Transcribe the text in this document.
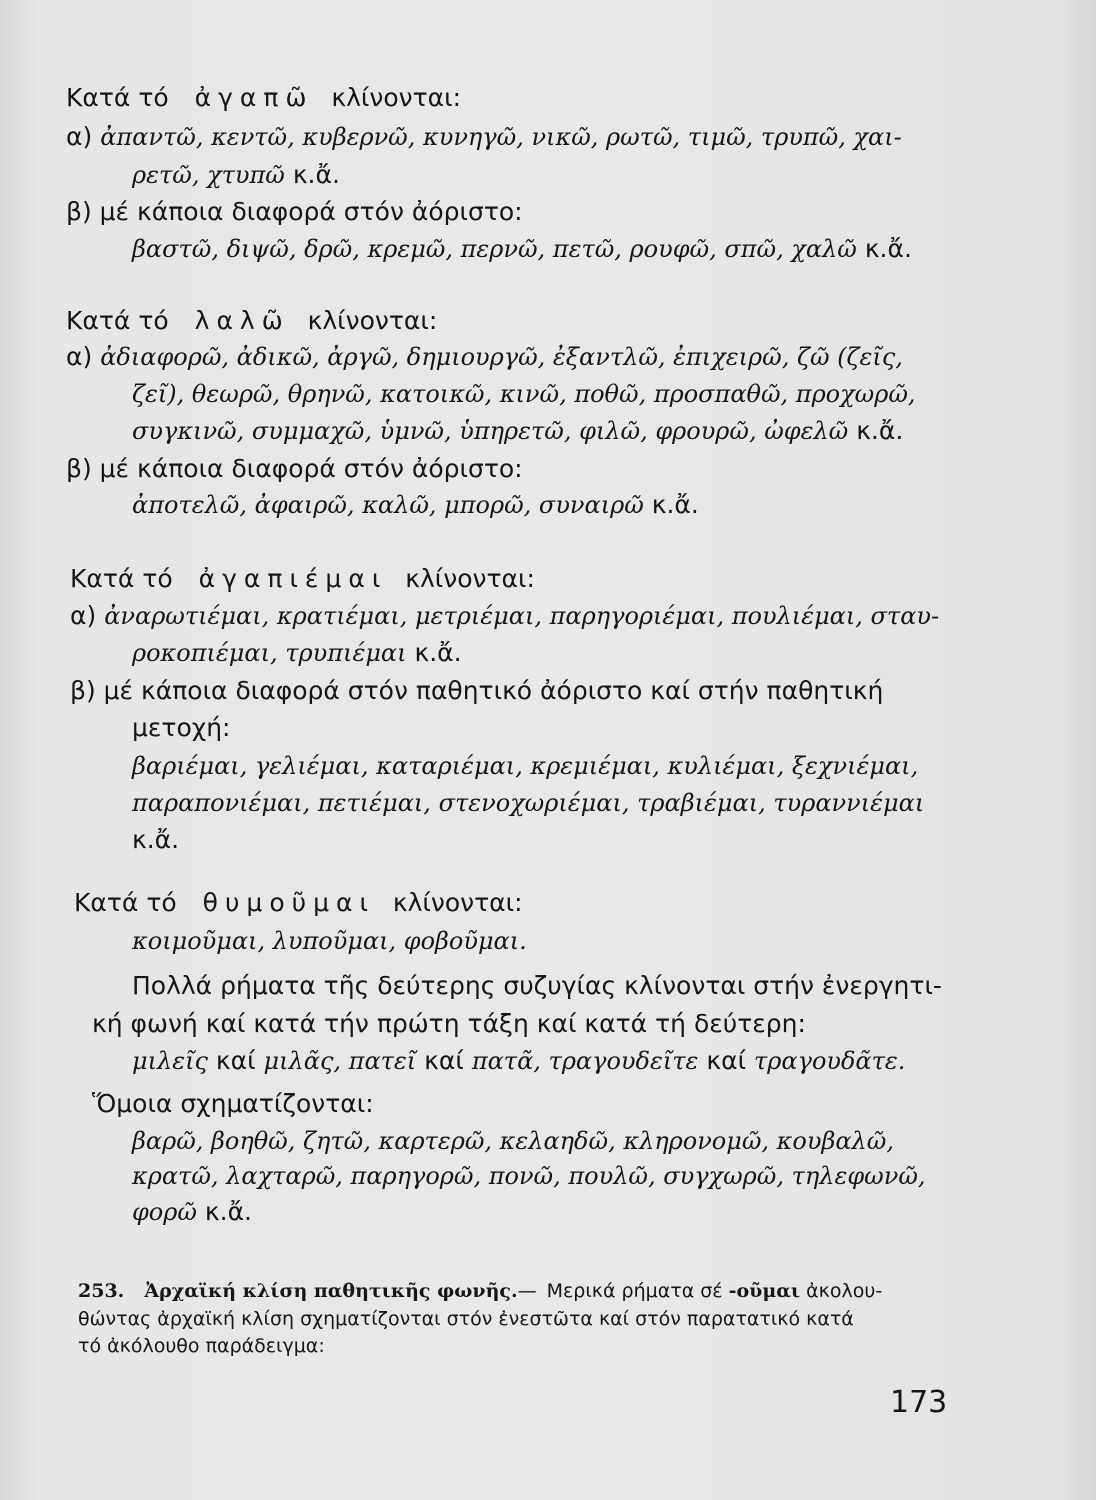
Κατά τό ἀγαπῶ κλίνονται:
α) ἀπαντῶ, κεντῶ, κυβερνῶ, κυνηγῶ, νικῶ, ρωτῶ, τιμῶ, τρυπῶ, χαι-
ρετῶ, χτυπῶ κ.ἄ.
β) μέ κάποια διαφορά στόν ἀόριστο:
βαστῶ, διψῶ, δρῶ, κρεμῶ, περνῶ, πετῶ, ρουφῶ, σπῶ, χαλῶ κ.ἄ.
Κατά τό λαλῶ κλίνονται:
α) ἀδιαφορῶ, ἀδικῶ, ἀργῶ, δημιουργῶ, ἐξαντλῶ, ἐπιχειρῶ, ζῶ (ζεῖς,
ζεῖ), θεωρῶ, θρηνῶ, κατοικῶ, κινῶ, ποθῶ, προσπαθῶ, προχωρῶ,
συγκινῶ, συμμαχῶ, ὑμνῶ, ὑπηρετῶ, φιλῶ, φρουρῶ, ὠφελῶ κ.ἄ.
β) μέ κάποια διαφορά στόν ἀόριστο:
ἀποτελῶ, ἀφαιρῶ, καλῶ, μπορῶ, συναιρῶ κ.ἄ.
Κατά τό ἀγαπιέμαι κλίνονται:
α) ἀναρωτιέμαι, κρατιέμαι, μετριέμαι, παρηγοριέμαι, πουλιέμαι, σταυ-
ροκοπιέμαι, τρυπιέμαι κ.ἄ.
β) μέ κάποια διαφορά στόν παθητικό ἀόριστο καί στήν παθητική
μετοχή:
βαριέμαι, γελιέμαι, καταριέμαι, κρεμιέμαι, κυλιέμαι, ξεχνιέμαι,
παραπονιέμαι, πετιέμαι, στενοχωριέμαι, τραβιέμαι, τυραννιέμαι
κ.ἄ.
Κατά τό θυμοῦμαι κλίνονται:
κοιμοῦμαι, λυποῦμαι, φοβοῦμαι.
Πολλά ρήματα τῆς δεύτερης συζυγίας κλίνονται στήν ἐνεργητι-
κή φωνή καί κατά τήν πρώτη τάξη καί κατά τή δεύτερη:
μιλεῖς καί μιλᾶς, πατεῖ καί πατᾶ, τραγουδεῖτε καί τραγουδᾶτε.
Ὅμοια σχηματίζονται:
βαρῶ, βοηθῶ, ζητῶ, καρτερῶ, κελαηδῶ, κληρονομῶ, κουβαλῶ,
κρατῶ, λαχταρῶ, παρηγορῶ, πονῶ, πουλῶ, συγχωρῶ, τηλεφωνῶ,
φορῶ κ.ἄ.
253. Ἀρχαϊκή κλίση παθητικῆς φωνῆς.— Μερικά ρήματα σέ -οῦμαι ἀκολου-
θώντας ἀρχαϊκή κλίση σχηματίζονται στόν ἐνεστῶτα καί στόν παρατατικό κατά
τό ἀκόλουθο παράδειγμα:
173
